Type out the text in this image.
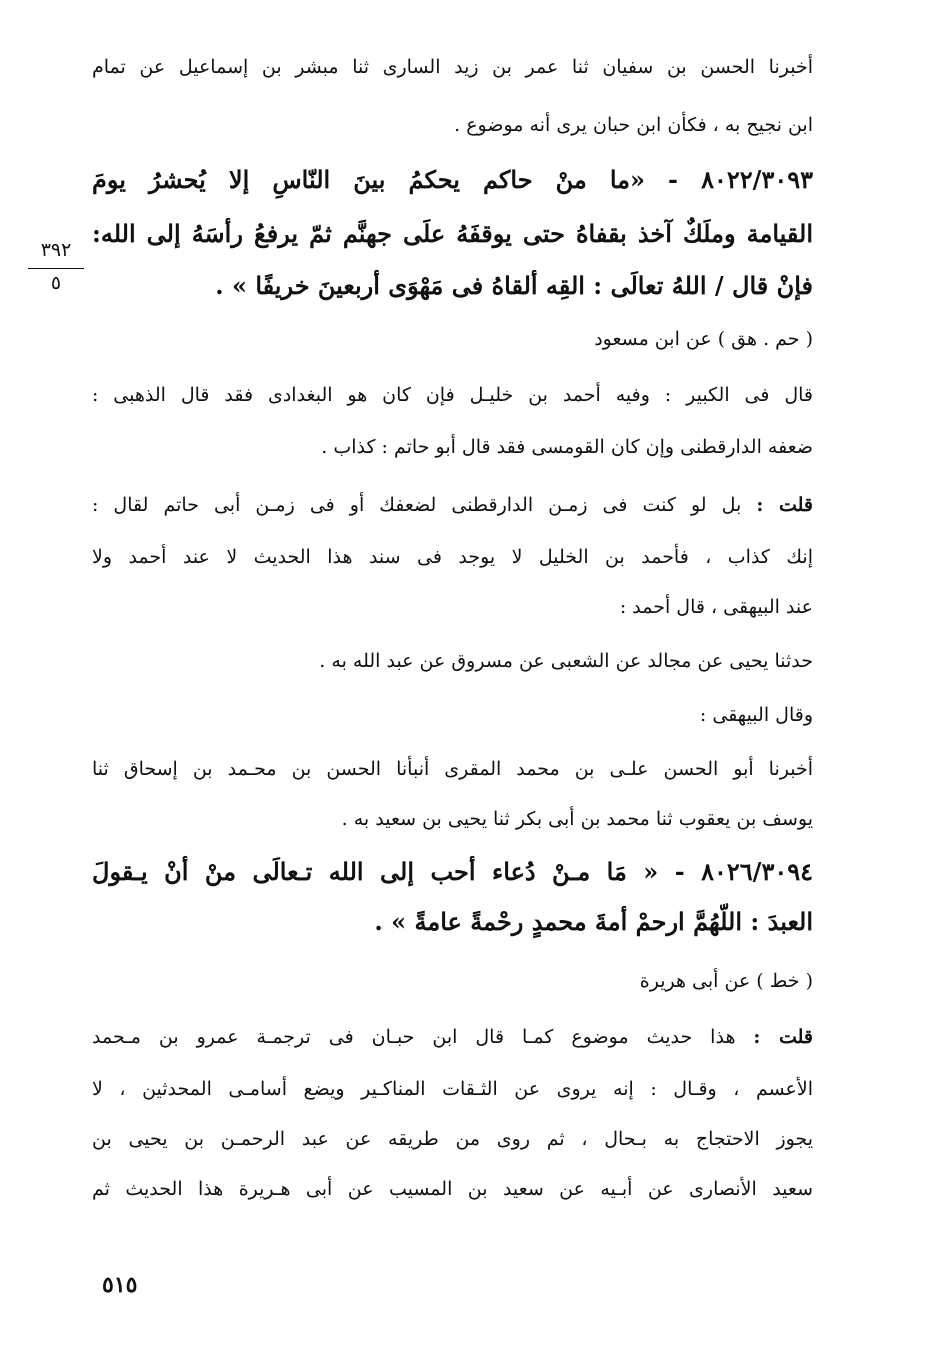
٣٩٢
٥
أخبرنا الحسن بن سفيان ثنا عمر بن زيد السارى ثنا مبشر بن إسماعيل عن تمام
ابن نجيح به ، فكأن ابن حبان يرى أنه موضوع .
٨٠٢٢/٣٠٩٣ - «ما منْ حاكم يحكمُ بينَ النّاسِ إلا يُحشرُ يومَ
القيامة وملَكٌ آخذ بقفاهُ حتى يوقفَهُ علَى جهنَّم ثمّ يرفعُ رأسَهُ إلى الله:
فإنْ قال / اللهُ تعالَى : القِه ألقاهُ فى مَهْوَى أربعينَ خريفًا » .
( حم . هق ) عن ابن مسعود
قال فى الكبير : وفيه أحمد بن خليـل فإن كان هو البغدادى فقد قال الذهبى :
ضعفه الدارقطنى وإن كان القومسى فقد قال أبو حاتم : كذاب .
قلت : بل لو كنت فى زمـن الدارقطنى لضعفك أو فى زمـن أبى حاتم لقال :
إنك كذاب ، فأحمد بن الخليل لا يوجد فى سند هذا الحديث لا عند أحمد ولا
عند البيهقى ، قال أحمد :
حدثنا يحيى عن مجالد عن الشعبى عن مسروق عن عبد الله به .
وقال البيهقى :
أخبرنا أبو الحسن علـى بن محمد المقرى أنبأنا الحسن بن محـمد بن إسحاق ثنا
يوسف بن يعقوب ثنا محمد بن أبى بكر ثنا يحيى بن سعيد به .
٨٠٢٦/٣٠٩٤ - « مَا مـنْ دُعاء أحب إلى الله تـعالَى منْ أنْ يـقولَ
العبدَ : اللّهُمَّ ارحمْ أمةَ محمدٍ رحْمةً عامةً » .
( خط ) عن أبى هريرة
قلت : هذا حديث موضوع كمـا قال ابن حبـان فى ترجمـة عمرو بن مـحمد
الأعسم ، وقـال : إنه يروى عن الثـقات المناكـير ويضع أسامـى المحدثين ، لا
يجوز الاحتجاج به بـحال ، ثم روى من طريقه عن عبد الرحمـن بن يحيى بن
سعيد الأنصارى عن أبـيه عن سعيد بن المسيب عن أبى هـريرة هذا الحديث ثم
٥١٥
